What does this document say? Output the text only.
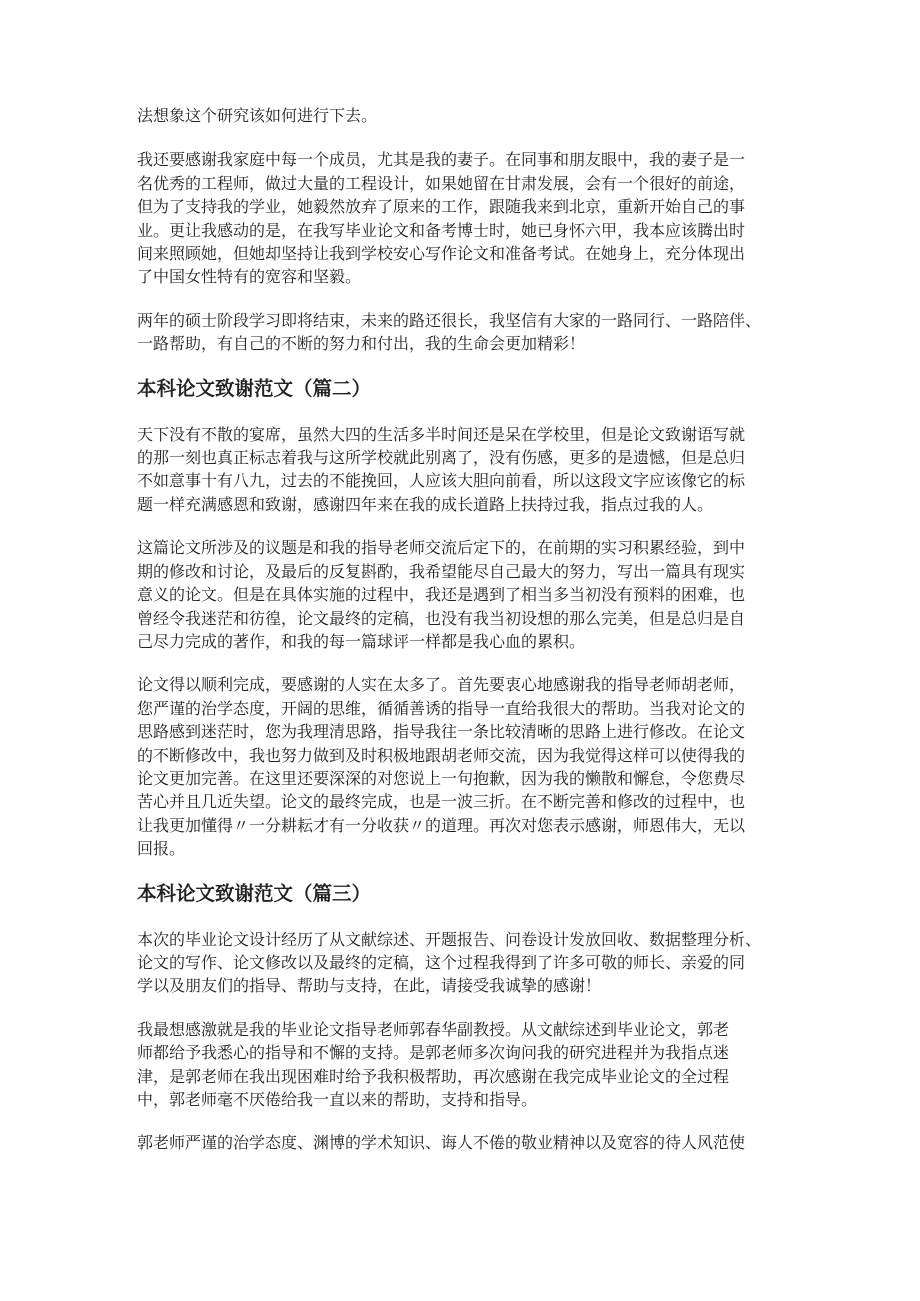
法想象这个研究该如何进行下去。

我还要感谢我家庭中每一个成员，尤其是我的妻子。在同事和朋友眼中，我的妻子是一
名优秀的工程师，做过大量的工程设计，如果她留在甘肃发展，会有一个很好的前途，
但为了支持我的学业，她毅然放弃了原来的工作，跟随我来到北京，重新开始自己的事
业。更让我感动的是，在我写毕业论文和备考博士时，她已身怀六甲，我本应该腾出时
间来照顾她，但她却坚持让我到学校安心写作论文和准备考试。在她身上，充分体现出
了中国女性特有的宽容和坚毅。

两年的硕士阶段学习即将结束，未来的路还很长，我坚信有大家的一路同行、一路陪伴、
一路帮助，有自己的不断的努力和付出，我的生命会更加精彩！

本科论文致谢范文（篇二）

天下没有不散的宴席，虽然大四的生活多半时间还是呆在学校里，但是论文致谢语写就
的那一刻也真正标志着我与这所学校就此别离了，没有伤感，更多的是遗憾，但是总归
不如意事十有八九，过去的不能挽回，人应该大胆向前看，所以这段文字应该像它的标
题一样充满感恩和致谢，感谢四年来在我的成长道路上扶持过我，指点过我的人。

这篇论文所涉及的议题是和我的指导老师交流后定下的，在前期的实习积累经验，到中
期的修改和讨论，及最后的反复斟酌，我希望能尽自己最大的努力，写出一篇具有现实
意义的论文。但是在具体实施的过程中，我还是遇到了相当多当初没有预料的困难，也
曾经令我迷茫和彷徨，论文最终的定稿，也没有我当初设想的那么完美，但是总归是自
己尽力完成的著作，和我的每一篇球评一样都是我心血的累积。

论文得以顺利完成，要感谢的人实在太多了。首先要衷心地感谢我的指导老师胡老师，
您严谨的治学态度，开阔的思维，循循善诱的指导一直给我很大的帮助。当我对论文的
思路感到迷茫时，您为我理清思路，指导我往一条比较清晰的思路上进行修改。在论文
的不断修改中，我也努力做到及时积极地跟胡老师交流，因为我觉得这样可以使得我的
论文更加完善。在这里还要深深的对您说上一句抱歉，因为我的懒散和懈怠，令您费尽
苦心并且几近失望。论文的最终完成，也是一波三折。在不断完善和修改的过程中，也
让我更加懂得〃一分耕耘才有一分收获〃的道理。再次对您表示感谢，师恩伟大，无以
回报。

本科论文致谢范文（篇三）

本次的毕业论文设计经历了从文献综述、开题报告、问卷设计发放回收、数据整理分析、
论文的写作、论文修改以及最终的定稿，这个过程我得到了许多可敬的师长、亲爱的同
学以及朋友们的指导、帮助与支持，在此，请接受我诚挚的感谢！

我最想感激就是我的毕业论文指导老师郭春华副教授。从文献综述到毕业论文，郭老
师都给予我悉心的指导和不懈的支持。是郭老师多次询问我的研究进程并为我指点迷
津，是郭老师在我出现困难时给予我积极帮助，再次感谢在我完成毕业论文的全过程
中，郭老师毫不厌倦给我一直以来的帮助，支持和指导。

郭老师严谨的治学态度、渊博的学术知识、诲人不倦的敬业精神以及宽容的待人风范使
